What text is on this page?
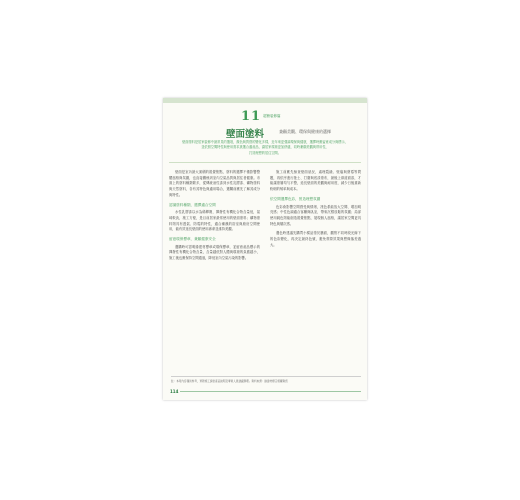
11 超簡裝修篇
壁面塗料	兼顧美觀、環保與健康的選擇
壁面塗料是居家裝修中最常見的選項，顏色與質感的變化多樣，近年來更強調環保與健康，選擇時應留意成分與標示，
並依照空間特性與使用需求挑選合適產品，讓居家環境更加舒適，同時兼顧美觀與實用性，
打造理想的居住空間。

壁面是室內最大面積的視覺焦點，塗料的選擇不僅影響整體風格與氛圍，也直接關係到室內空氣品質與居住者健康。市面上的塗料種類繁多，從傳統油性漆到水性乳膠漆、礦物塗料與天然塗料，各有其特色與適用場合，選購前應先了解其成分與特性。

認識塗料種類，選擇適合空間

水性乳膠漆以水為稀釋劑，揮發性有機化合物含量低，氣味較淡，施工方便，是目前居家最常使用的壁面塗料；礦物塗料則具有透氣、防霉的特性，適合潮濕的浴室與廚房空間使用，能有效延長壁面的使用壽命並維持美觀。

留意環保標章，兼顧健康安全

選購時可認明綠建材標章或環保標章，並留意產品標示的揮發性有機化合物含量，含量越低對人體與環境的負擔越小，施工後也應保持空間通風，降低室內空氣污染的影響。

施工前應先檢查壁面狀況，處理裂縫、壁癌與發霉等問題，再依序進行批土、打磨與底漆塗布，最後上兩道面漆，才能讓塗層均勻平整，延長壁面的美觀與耐用度，減少日後重新粉刷的頻率與成本。

依空間選擇色彩，營造理想氛圍

色彩會影響空間感受與情緒，淺色系能放大空間、增加明亮感；中性色調適合客廳與臥室，帶來沉穩放鬆的氛圍；局部使用跳色則能創造視覺焦點，展現個人風格，讓居家空間更具特色與層次感。

選色時建議先購買小樣品塗於牆面，觀察不同時段光線下的色彩變化，再決定最終色號，避免實際效果與想像落差過大。

註：本頁內容僅供參考，實際施工請依產品說明及專業人員建議辦理。資料來源：綠建材標章相關資訊
114
